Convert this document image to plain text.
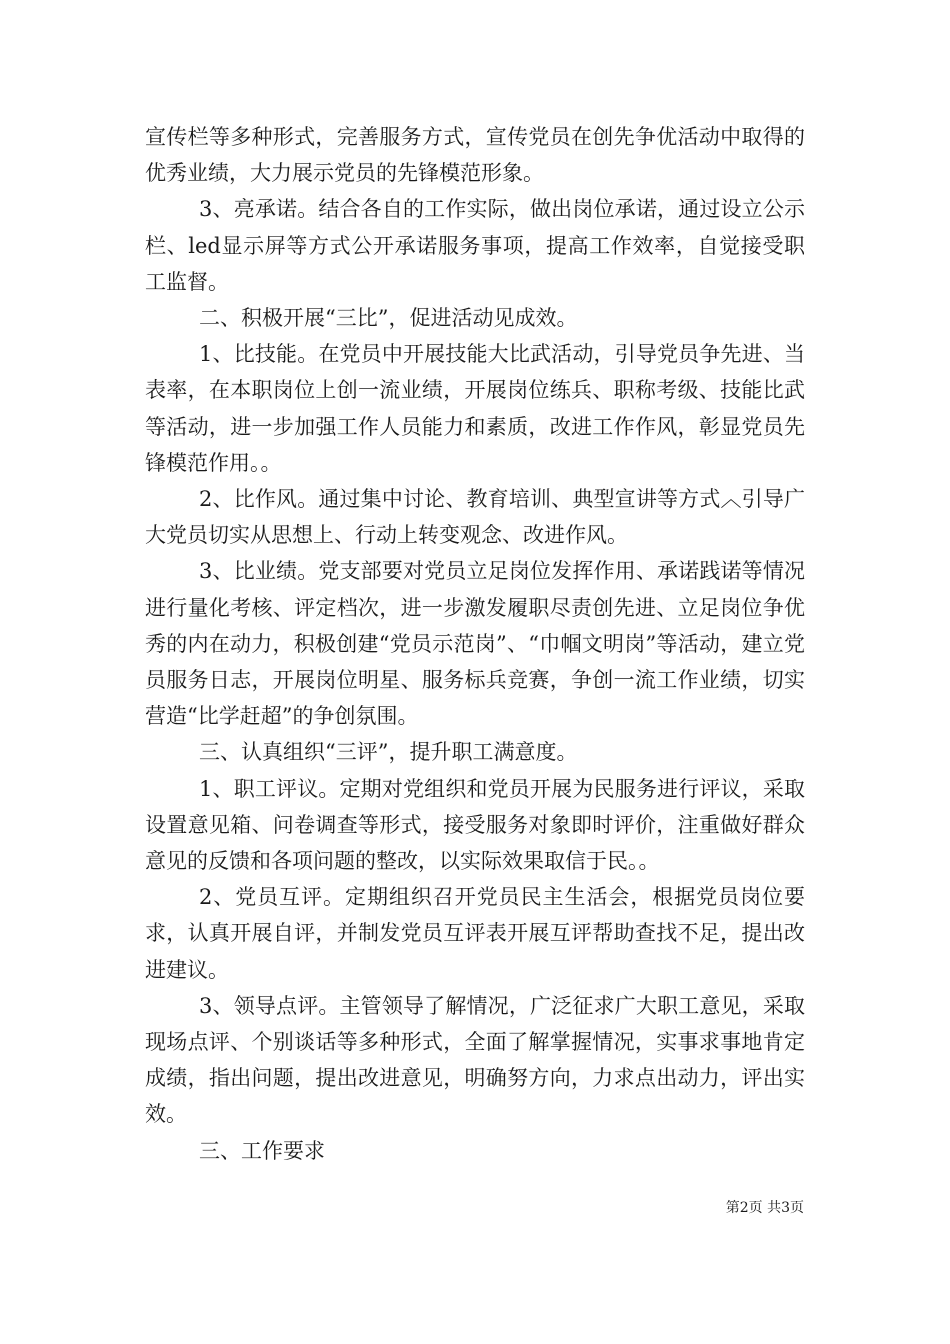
宣传栏等多种形式，完善服务方式，宣传党员在创先争优活动中取得的优秀业绩，大力展示党员的先锋模范形象。

3、亮承诺。结合各自的工作实际，做出岗位承诺，通过设立公示栏、led显示屏等方式公开承诺服务事项，提高工作效率，自觉接受职工监督。

二、积极开展“三比”，促进活动见成效。

1、比技能。在党员中开展技能大比武活动，引导党员争先进、当表率，在本职岗位上创一流业绩，开展岗位练兵、职称考级、技能比武等活动，进一步加强工作人员能力和素质，改进工作作风，彰显党员先锋模范作用。。

2、比作风。通过集中讨论、教育培训、典型宣讲等方式︿引导广大党员切实从思想上、行动上转变观念、改进作风。

3、比业绩。党支部要对党员立足岗位发挥作用、承诺践诺等情况进行量化考核、评定档次，进一步激发履职尽责创先进、立足岗位争优秀的内在动力，积极创建“党员示范岗”、“巾帼文明岗”等活动，建立党员服务日志，开展岗位明星、服务标兵竞赛，争创一流工作业绩，切实营造“比学赶超”的争创氛围。

三、认真组织“三评”，提升职工满意度。

1、职工评议。定期对党组织和党员开展为民服务进行评议，采取设置意见箱、问卷调查等形式，接受服务对象即时评价，注重做好群众意见的反馈和各项问题的整改，以实际效果取信于民。。

2、党员互评。定期组织召开党员民主生活会，根据党员岗位要求，认真开展自评，并制发党员互评表开展互评帮助查找不足，提出改进建议。

3、领导点评。主管领导了解情况，广泛征求广大职工意见，采取现场点评、个别谈话等多种形式，全面了解掌握情况，实事求事地肯定成绩，指出问题，提出改进意见，明确努方向，力求点出动力，评出实效。

三、工作要求

第2页 共3页
